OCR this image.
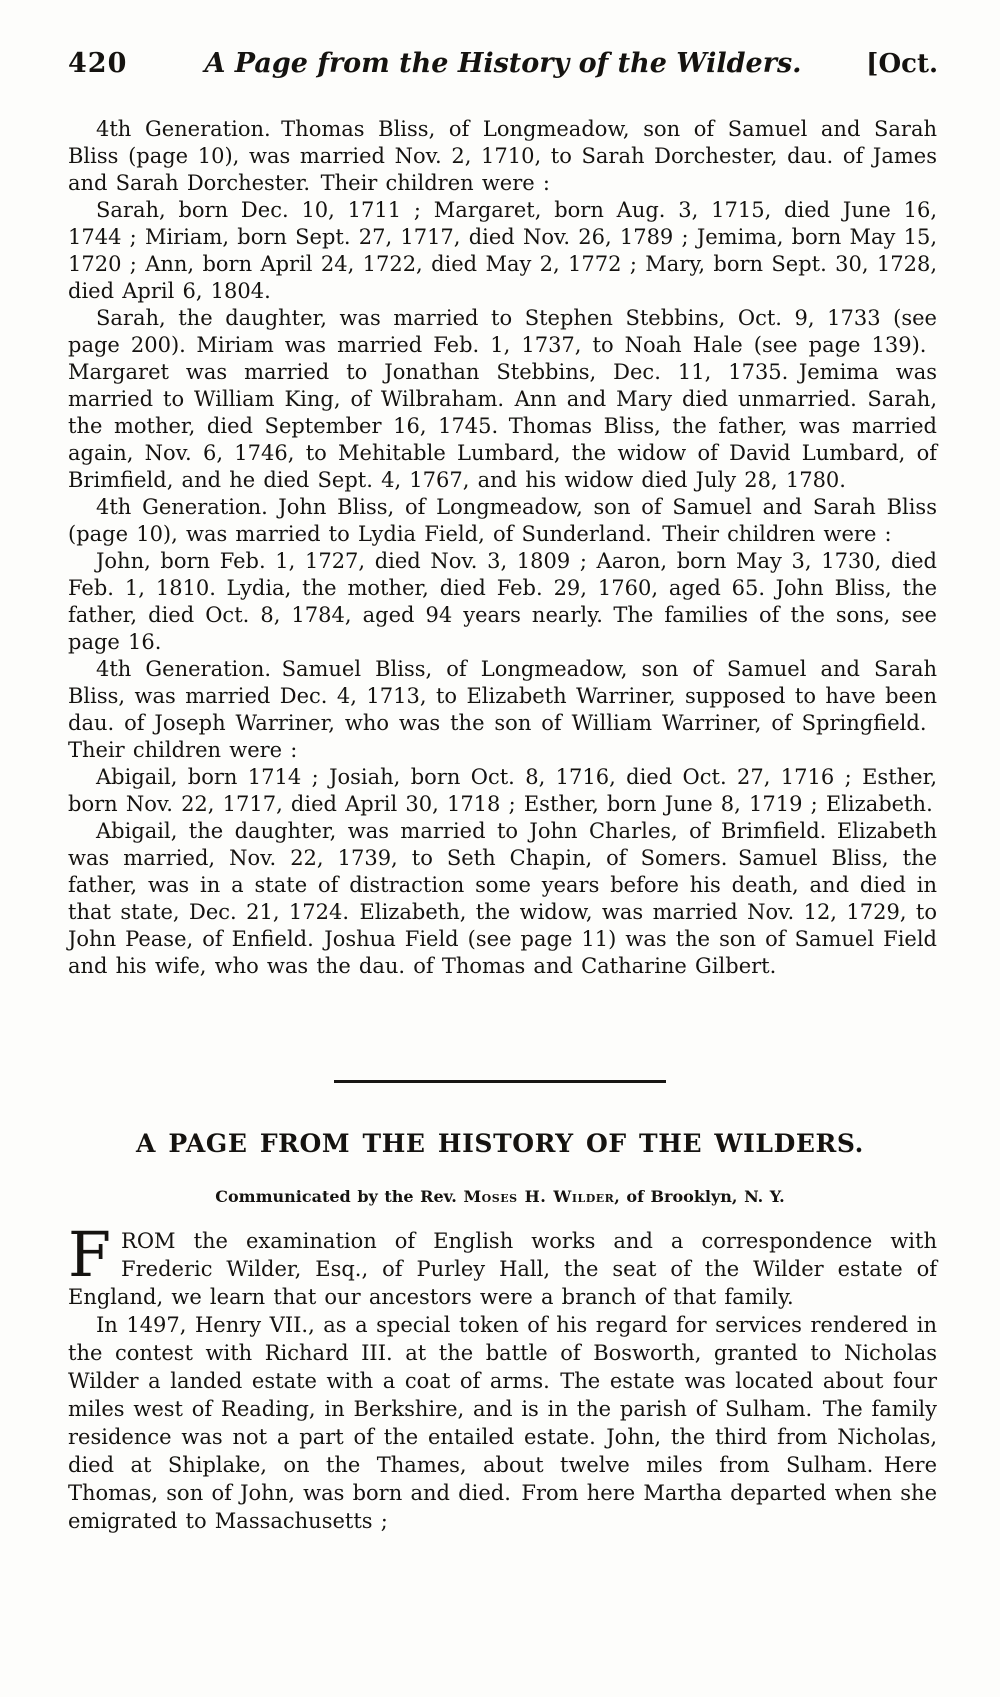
420	A Page from the History of the Wilders. [Oct.

4th Generation. Thomas Bliss, of Longmeadow, son of Samuel and Sarah Bliss (page 10), was married Nov. 2, 1710, to Sarah Dorchester, dau. of James and Sarah Dorchester. Their children were :

Sarah, born Dec. 10, 1711 ; Margaret, born Aug. 3, 1715, died June 16, 1744 ; Miriam, born Sept. 27, 1717, died Nov. 26, 1789 ; Jemima, born May 15, 1720 ; Ann, born April 24, 1722, died May 2, 1772 ; Mary, born Sept. 30, 1728, died April 6, 1804.

Sarah, the daughter, was married to Stephen Stebbins, Oct. 9, 1733 (see page 200). Miriam was married Feb. 1, 1737, to Noah Hale (see page 139). Margaret was married to Jonathan Stebbins, Dec. 11, 1735. Jemima was married to William King, of Wilbraham. Ann and Mary died unmarried. Sarah, the mother, died September 16, 1745. Thomas Bliss, the father, was married again, Nov. 6, 1746, to Mehitable Lumbard, the widow of David Lumbard, of Brimfield, and he died Sept. 4, 1767, and his widow died July 28, 1780.

4th Generation. John Bliss, of Longmeadow, son of Samuel and Sarah Bliss (page 10), was married to Lydia Field, of Sunderland. Their children were :

John, born Feb. 1, 1727, died Nov. 3, 1809 ; Aaron, born May 3, 1730, died Feb. 1, 1810. Lydia, the mother, died Feb. 29, 1760, aged 65. John Bliss, the father, died Oct. 8, 1784, aged 94 years nearly. The families of the sons, see page 16.

4th Generation. Samuel Bliss, of Longmeadow, son of Samuel and Sarah Bliss, was married Dec. 4, 1713, to Elizabeth Warriner, supposed to have been dau. of Joseph Warriner, who was the son of William Warriner, of Springfield. Their children were :

Abigail, born 1714 ; Josiah, born Oct. 8, 1716, died Oct. 27, 1716 ; Esther, born Nov. 22, 1717, died April 30, 1718 ; Esther, born June 8, 1719 ; Elizabeth.

Abigail, the daughter, was married to John Charles, of Brimfield. Elizabeth was married, Nov. 22, 1739, to Seth Chapin, of Somers. Samuel Bliss, the father, was in a state of distraction some years before his death, and died in that state, Dec. 21, 1724. Elizabeth, the widow, was married Nov. 12, 1729, to John Pease, of Enfield. Joshua Field (see page 11) was the son of Samuel Field and his wife, who was the dau. of Thomas and Catharine Gilbert.

A PAGE FROM THE HISTORY OF THE WILDERS.
Communicated by the Rev. Moses H. Wilder, of Brooklyn, N. Y.

FROM the examination of English works and a correspondence with Frederic Wilder, Esq., of Purley Hall, the seat of the Wilder estate of England, we learn that our ancestors were a branch of that family.

In 1497, Henry VII., as a special token of his regard for services rendered in the contest with Richard III. at the battle of Bosworth, granted to Nicholas Wilder a landed estate with a coat of arms. The estate was located about four miles west of Reading, in Berkshire, and is in the parish of Sulham. The family residence was not a part of the entailed estate. John, the third from Nicholas, died at Shiplake, on the Thames, about twelve miles from Sulham. Here Thomas, son of John, was born and died. From here Martha departed when she emigrated to Massachusetts ;
